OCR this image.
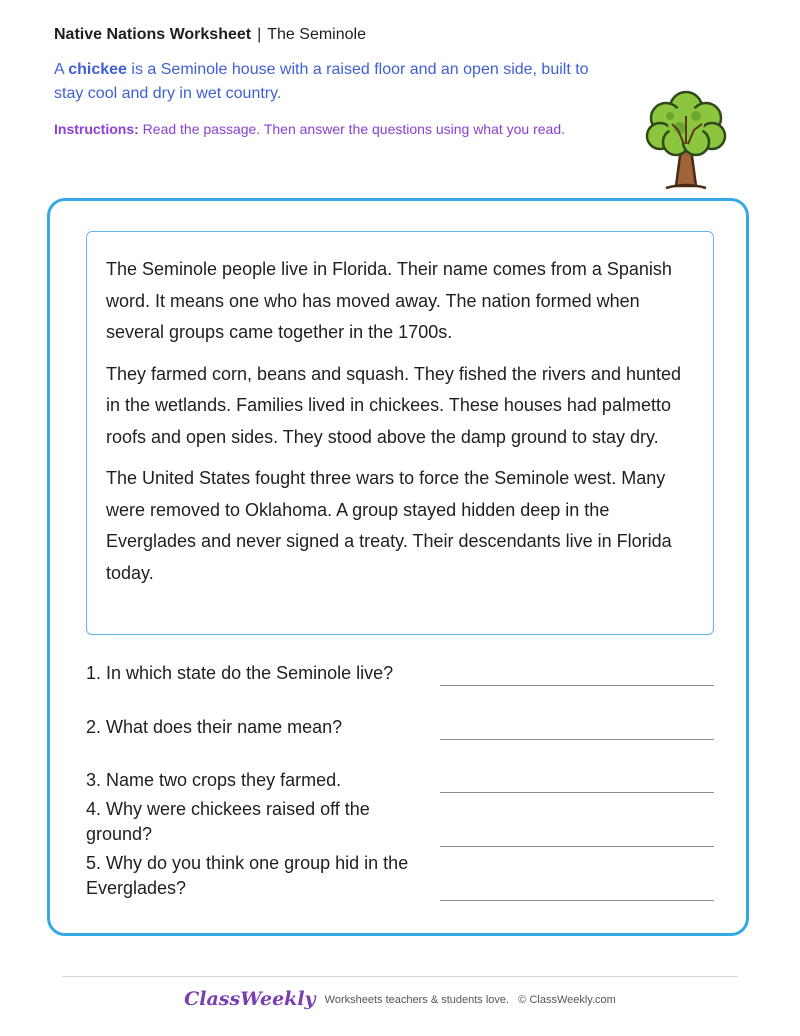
Native Nations Worksheet | The Seminole
A chickee is a Seminole house with a raised floor and an open side, built to stay cool and dry in wet country.
Instructions: Read the passage. Then answer the questions using what you read.

The Seminole people live in Florida. Their name comes from a Spanish word. It means one who has moved away. The nation formed when several groups came together in the 1700s.

They farmed corn, beans and squash. They fished the rivers and hunted in the wetlands. Families lived in chickees. These houses had palmetto roofs and open sides. They stood above the damp ground to stay dry.

The United States fought three wars to force the Seminole west. Many were removed to Oklahoma. A group stayed hidden deep in the Everglades and never signed a treaty. Their descendants live in Florida today.

1. In which state do the Seminole live?
2. What does their name mean?
3. Name two crops they farmed.
4. Why were chickees raised off the ground?
5. Why do you think one group hid in the Everglades?
ClassWeekly Worksheets teachers & students love. © ClassWeekly.com
